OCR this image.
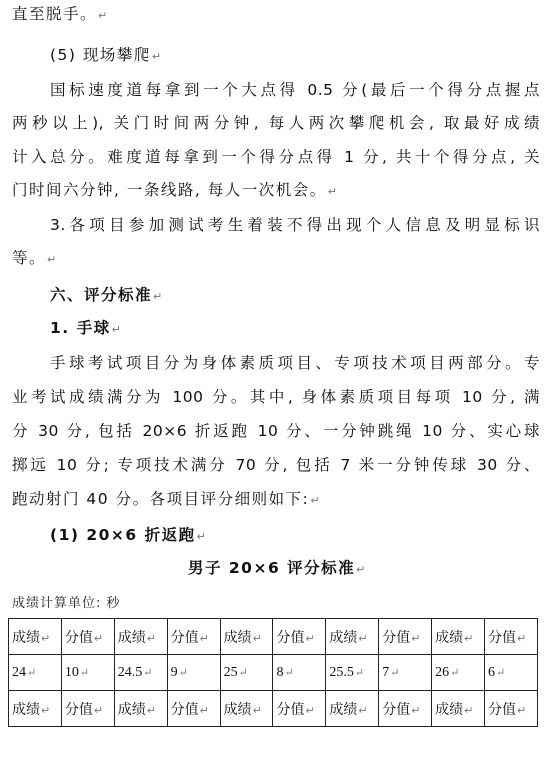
直至脱手。↵
(5) 现场攀爬↵
国标速度道每拿到一个大点得 0.5 分(最后一个得分点握点
两秒以上), 关门时间两分钟, 每人两次攀爬机会, 取最好成绩
计入总分。难度道每拿到一个得分点得 1 分, 共十个得分点, 关
门时间六分钟, 一条线路, 每人一次机会。↵
3.各项目参加测试考生着装不得出现个人信息及明显标识
等。↵
六、评分标准↵
1. 手球↵
手球考试项目分为身体素质项目、专项技术项目两部分。专
业考试成绩满分为 100 分。其中, 身体素质项目每项 10 分, 满
分 30 分, 包括 20×6 折返跑 10 分、一分钟跳绳 10 分、实心球
掷远 10 分; 专项技术满分 70 分, 包括 7 米一分钟传球 30 分、
跑动射门 40 分。各项目评分细则如下:↵
(1) 20×6 折返跑↵
男子 20×6 评分标准↵
成绩计算单位: 秒
成绩↵	分值↵	成绩↵	分值↵	成绩↵	分值↵	成绩↵	分值↵	成绩↵	分值↵
24↵	10↵	24.5↵	9↵	25↵	8↵	25.5↵	7↵	26↵	6↵
成绩↵	分值↵	成绩↵	分值↵	成绩↵	分值↵	成绩↵	分值↵	成绩↵	分值↵
